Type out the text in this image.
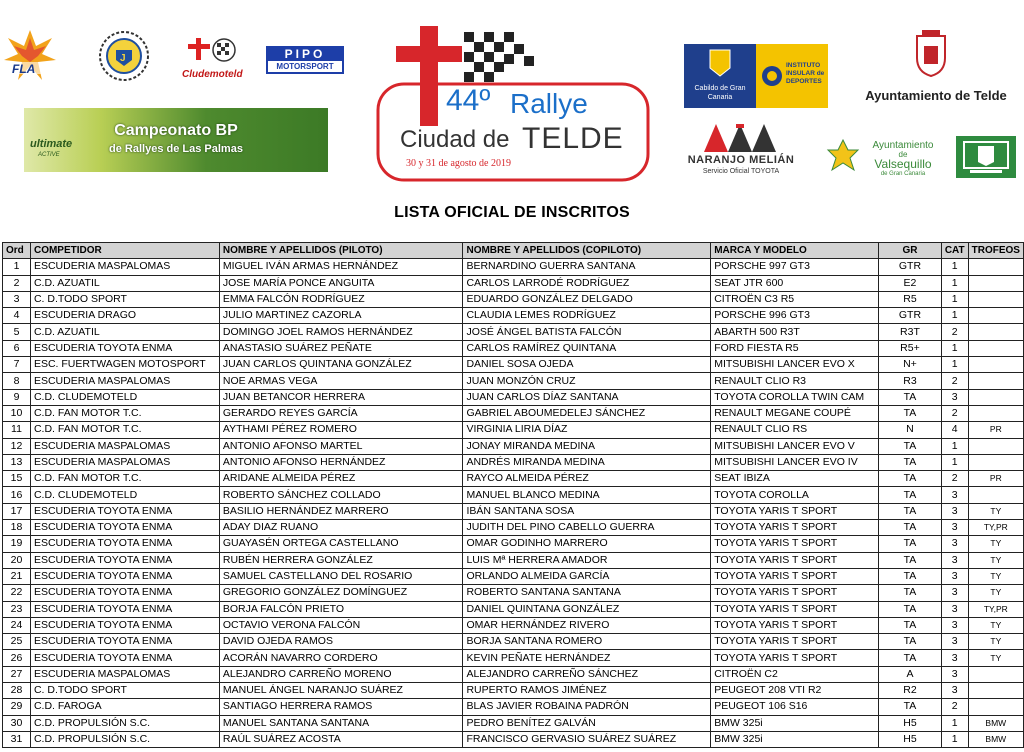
FLA
J
Cludemoteld
PIPO
MOTORSPORT
ultimate
ACTIVE
Campeonato BP
de Rallyes de Las Palmas
44º Rallye
Ciudad de TELDE
30 y 31 de agosto de 2019
Cabildo de Gran Canaria
INSTITUTO INSULAR de DEPORTES
Ayuntamiento de Telde
NARANJO MELIÁN
Servicio Oficial TOYOTA
Ayuntamiento
de
Valsequillo
de Gran Canaria
LISTA OFICIAL DE INSCRITOS
Ord	COMPETIDOR	NOMBRE Y APELLIDOS (PILOTO)	NOMBRE Y APELLIDOS (COPILOTO)	MARCA Y MODELO	GR	CAT	TROFEOS
1	ESCUDERIA MASPALOMAS	MIGUEL IVÁN ARMAS HERNÁNDEZ	BERNARDINO GUERRA SANTANA	PORSCHE 997 GT3	GTR	1	
2	C.D. AZUATIL	JOSE MARÍA PONCE ANGUITA	CARLOS LARRODÉ RODRÍGUEZ	SEAT JTR 600	E2	1	
3	C. D.TODO SPORT	EMMA FALCÓN RODRÍGUEZ	EDUARDO GONZÁLEZ DELGADO	CITROËN C3 R5	R5	1	
4	ESCUDERIA DRAGO	JULIO MARTINEZ CAZORLA	CLAUDIA LEMES RODRÍGUEZ	PORSCHE 996 GT3	GTR	1	
5	C.D. AZUATIL	DOMINGO JOEL RAMOS HERNÁNDEZ	JOSÉ ÁNGEL BATISTA FALCÓN	ABARTH 500 R3T	R3T	2	
6	ESCUDERIA TOYOTA ENMA	ANASTASIO SUÁREZ PEÑATE	CARLOS RAMÍREZ QUINTANA	FORD FIESTA R5	R5+	1	
7	ESC. FUERTWAGEN MOTOSPORT	JUAN CARLOS QUINTANA GONZÁLEZ	DANIEL SOSA OJEDA	MITSUBISHI LANCER EVO X	N+	1	
8	ESCUDERIA MASPALOMAS	NOE ARMAS VEGA	JUAN MONZÓN CRUZ	RENAULT CLIO R3	R3	2	
9	C.D. CLUDEMOTELD	JUAN BETANCOR HERRERA	JUAN CARLOS DÍAZ SANTANA	TOYOTA COROLLA TWIN CAM	TA	3	
10	C.D. FAN MOTOR T.C.	GERARDO REYES GARCÍA	GABRIEL ABOUMEDELEJ SÁNCHEZ	RENAULT MEGANE COUPÉ	TA	2	
11	C.D. FAN MOTOR T.C.	AYTHAMI PÉREZ ROMERO	VIRGINIA LIRIA DÍAZ	RENAULT CLIO RS	N	4	PR
12	ESCUDERIA MASPALOMAS	ANTONIO AFONSO MARTEL	JONAY MIRANDA MEDINA	MITSUBISHI LANCER EVO V	TA	1	
13	ESCUDERIA MASPALOMAS	ANTONIO AFONSO HERNÁNDEZ	ANDRÉS MIRANDA MEDINA	MITSUBISHI LANCER EVO IV	TA	1	
15	C.D. FAN MOTOR T.C.	ARIDANE ALMEIDA PÉREZ	RAYCO ALMEIDA PÉREZ	SEAT IBIZA	TA	2	PR
16	C.D. CLUDEMOTELD	ROBERTO SÁNCHEZ COLLADO	MANUEL BLANCO MEDINA	TOYOTA COROLLA	TA	3	
17	ESCUDERIA TOYOTA ENMA	BASILIO HERNÁNDEZ MARRERO	IBÁN SANTANA SOSA	TOYOTA YARIS T SPORT	TA	3	TY
18	ESCUDERIA TOYOTA ENMA	ADAY DIAZ RUANO	JUDITH DEL PINO CABELLO GUERRA	TOYOTA YARIS T SPORT	TA	3	TY,PR
19	ESCUDERIA TOYOTA ENMA	GUAYASÉN ORTEGA CASTELLANO	OMAR GODINHO MARRERO	TOYOTA YARIS T SPORT	TA	3	TY
20	ESCUDERIA TOYOTA ENMA	RUBÉN HERRERA GONZÁLEZ	LUIS Mª HERRERA AMADOR	TOYOTA YARIS T SPORT	TA	3	TY
21	ESCUDERIA TOYOTA ENMA	SAMUEL CASTELLANO DEL ROSARIO	ORLANDO ALMEIDA GARCÍA	TOYOTA YARIS T SPORT	TA	3	TY
22	ESCUDERIA TOYOTA ENMA	GREGORIO GONZÁLEZ DOMÍNGUEZ	ROBERTO SANTANA SANTANA	TOYOTA YARIS T SPORT	TA	3	TY
23	ESCUDERIA TOYOTA ENMA	BORJA FALCÓN PRIETO	DANIEL QUINTANA GONZÁLEZ	TOYOTA YARIS T SPORT	TA	3	TY,PR
24	ESCUDERIA TOYOTA ENMA	OCTAVIO VERONA FALCÓN	OMAR HERNÁNDEZ RIVERO	TOYOTA YARIS T SPORT	TA	3	TY
25	ESCUDERIA TOYOTA ENMA	DAVID OJEDA RAMOS	BORJA SANTANA ROMERO	TOYOTA YARIS T SPORT	TA	3	TY
26	ESCUDERIA TOYOTA ENMA	ACORÁN NAVARRO CORDERO	KEVIN PEÑATE HERNÁNDEZ	TOYOTA YARIS T SPORT	TA	3	TY
27	ESCUDERIA MASPALOMAS	ALEJANDRO CARREÑO MORENO	ALEJANDRO CARREÑO SÁNCHEZ	CITROËN C2	A	3	
28	C. D.TODO SPORT	MANUEL ÁNGEL NARANJO SUÁREZ	RUPERTO RAMOS JIMÉNEZ	PEUGEOT 208 VTI R2	R2	3	
29	C.D. FAROGA	SANTIAGO HERRERA RAMOS	BLAS JAVIER ROBAINA PADRÓN	PEUGEOT 106 S16	TA	2	
30	C.D. PROPULSIÓN S.C.	MANUEL SANTANA SANTANA	PEDRO BENÍTEZ GALVÁN	BMW 325i	H5	1	BMW
31	C.D. PROPULSIÓN S.C.	RAÚL SUÁREZ ACOSTA	FRANCISCO GERVASIO SUÁREZ SUÁREZ	BMW 325i	H5	1	BMW
